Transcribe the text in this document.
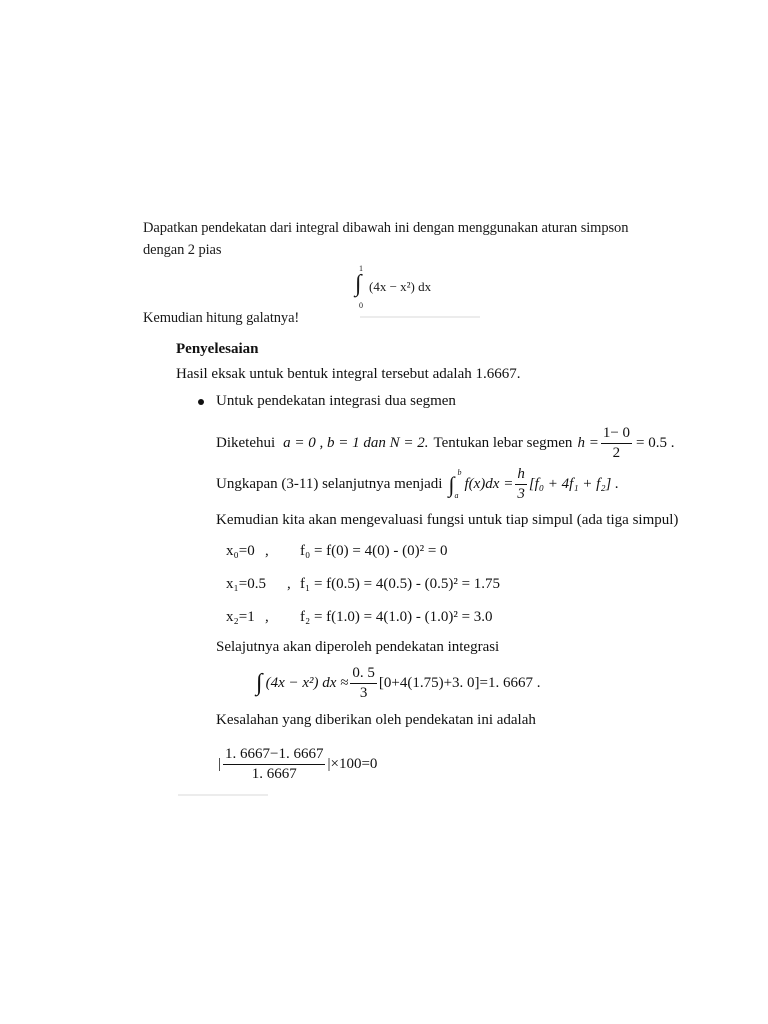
Dapatkan pendekatan dari integral dibawah ini dengan menggunakan aturan simpson
dengan 2 pias
1
∫
0
(4x − x²) dx
Kemudian hitung galatnya!
Penyelesaian
Hasil eksak untuk bentuk integral tersebut adalah 1.6667.
Untuk pendekatan integrasi dua segmen
Diketehui a = 0 , b = 1 dan N = 2. Tentukan lebar segmen $h = \frac{1- 0}{2} = 0.5$ .
Ungkapan (3-11) selanjutnya menjadi ∫ b
a
$f(x)dx = \frac{h}{3} [f_0 + 4f_1 + f_2]$ .
Kemudian kita akan mengevaluasi fungsi untuk tiap simpul (ada tiga simpul)
x₀=0 , f₀ = f(0) = 4(0) - (0)² = 0
x₁=0.5 , f₁ = f(0.5) = 4(0.5) - (0.5)² = 1.75
x₂=1 , f₂ = f(1.0) = 4(1.0) - (1.0)² = 3.0
Selajutnya akan diperoleh pendekatan integrasi
∫ (4x − x²) dx ≈ $\frac{0. 5}{3} [0+4(1.75)+3$. 0]=1. 6667 .
Kesalahan yang diberikan oleh pendekatan ini adalah
| $\frac{1. 6667-1. 6667}{1. 6667} |\times 100=0$
